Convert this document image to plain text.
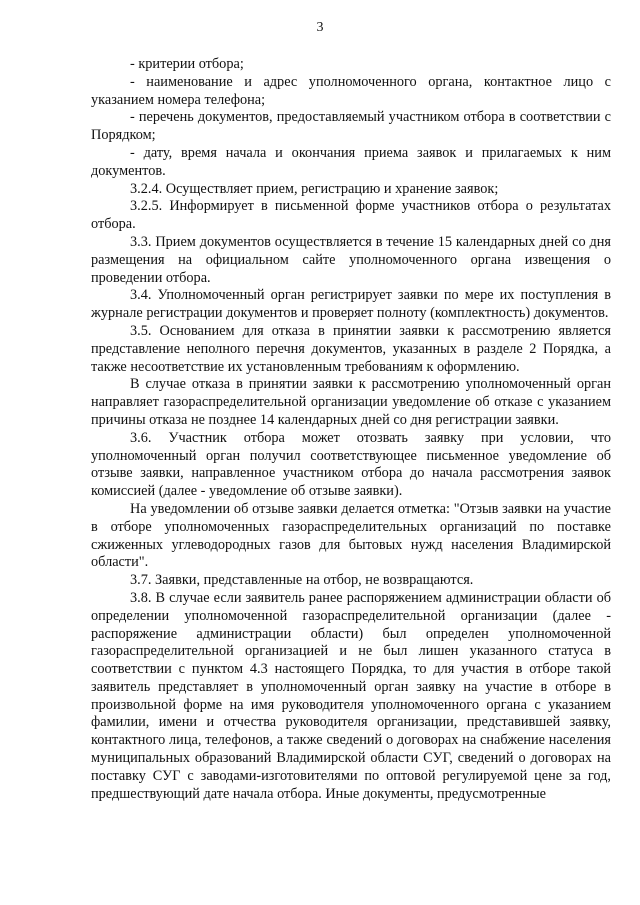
3

- критерии отбора;

- наименование и адрес уполномоченного органа, контактное лицо с указанием номера телефона;

- перечень документов, предоставляемый участником отбора в соответствии с Порядком;

- дату, время начала и окончания приема заявок и прилагаемых к ним документов.

3.2.4. Осуществляет прием, регистрацию и хранение заявок;

3.2.5. Информирует в письменной форме участников отбора о результатах отбора.

3.3. Прием документов осуществляется в течение 15 календарных дней со дня размещения на официальном сайте уполномоченного органа извещения о проведении отбора.

3.4. Уполномоченный орган регистрирует заявки по мере их поступления в журнале регистрации документов и проверяет полноту (комплектность) документов.

3.5. Основанием для отказа в принятии заявки к рассмотрению является представление неполного перечня документов, указанных в разделе 2 Порядка, а также несоответствие их установленным требованиям к оформлению.

В случае отказа в принятии заявки к рассмотрению уполномоченный орган направляет газораспределительной организации уведомление об отказе с указанием причины отказа не позднее 14 календарных дней со дня регистрации заявки.

3.6. Участник отбора может отозвать заявку при условии, что уполномоченный орган получил соответствующее письменное уведомление об отзыве заявки, направленное участником отбора до начала рассмотрения заявок комиссией (далее - уведомление об отзыве заявки).

На уведомлении об отзыве заявки делается отметка: "Отзыв заявки на участие в отборе уполномоченных газораспределительных организаций по поставке сжиженных углеводородных газов для бытовых нужд населения Владимирской области".

3.7. Заявки, представленные на отбор, не возвращаются.

3.8. В случае если заявитель ранее распоряжением администрации области об определении уполномоченной газораспределительной организации (далее - распоряжение администрации области) был определен уполномоченной газораспределительной организацией и не был лишен указанного статуса в соответствии с пунктом 4.3 настоящего Порядка, то для участия в отборе такой заявитель представляет в уполномоченный орган заявку на участие в отборе в произвольной форме на имя руководителя уполномоченного органа с указанием фамилии, имени и отчества руководителя организации, представившей заявку, контактного лица, телефонов, а также сведений о договорах на снабжение населения муниципальных образований Владимирской области СУГ, сведений о договорах на поставку СУГ с заводами-изготовителями по оптовой регулируемой цене за год, предшествующий дате начала отбора. Иные документы, предусмотренные
